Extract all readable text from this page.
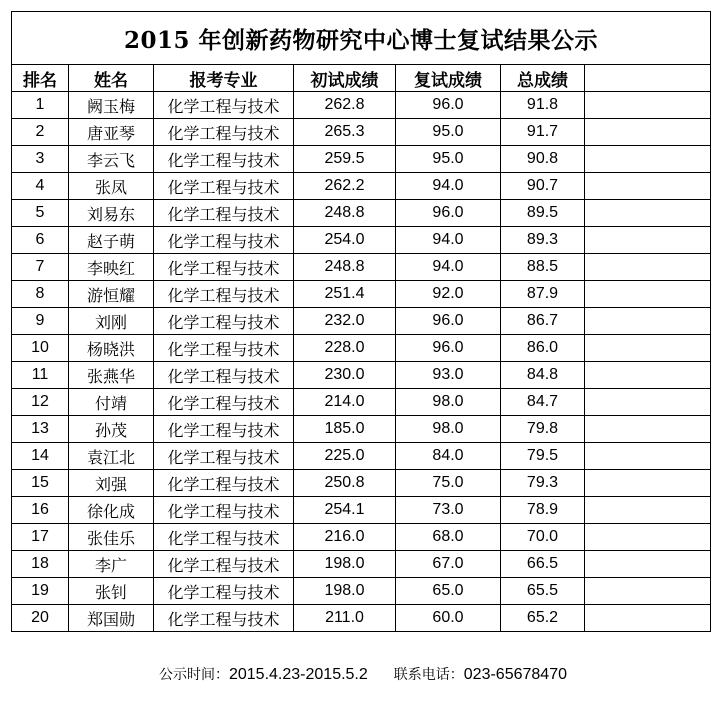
2015 年创新药物研究中心博士复试结果公示						
排名	姓名	报考专业	初试成绩	复试成绩	总成绩	
1	阙玉梅	化学工程与技术	262.8	96.0	91.8	
2	唐亚琴	化学工程与技术	265.3	95.0	91.7	
3	李云飞	化学工程与技术	259.5	95.0	90.8	
4	张凤	化学工程与技术	262.2	94.0	90.7	
5	刘易东	化学工程与技术	248.8	96.0	89.5	
6	赵子萌	化学工程与技术	254.0	94.0	89.3	
7	李映红	化学工程与技术	248.8	94.0	88.5	
8	游恒耀	化学工程与技术	251.4	92.0	87.9	
9	刘刚	化学工程与技术	232.0	96.0	86.7	
10	杨晓洪	化学工程与技术	228.0	96.0	86.0	
11	张燕华	化学工程与技术	230.0	93.0	84.8	
12	付靖	化学工程与技术	214.0	98.0	84.7	
13	孙茂	化学工程与技术	185.0	98.0	79.8	
14	袁江北	化学工程与技术	225.0	84.0	79.5	
15	刘强	化学工程与技术	250.8	75.0	79.3	
16	徐化成	化学工程与技术	254.1	73.0	78.9	
17	张佳乐	化学工程与技术	216.0	68.0	70.0	
18	李广	化学工程与技术	198.0	67.0	66.5	
19	张钊	化学工程与技术	198.0	65.0	65.5	
20	郑国勋	化学工程与技术	211.0	60.0	65.2	
公示时间：2015.4.23-2015.5.2 联系电话：023-65678470
